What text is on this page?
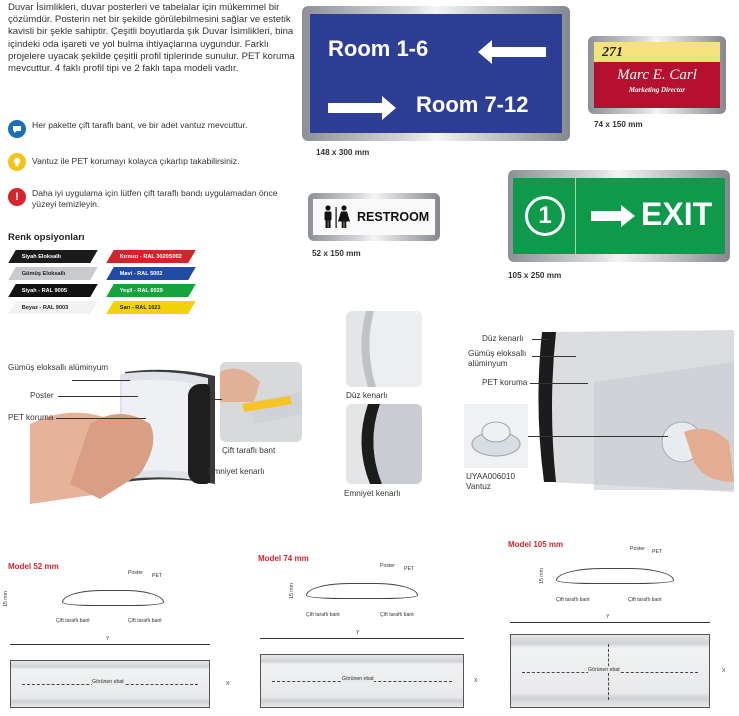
Duvar İsimlikleri, duvar posterleri ve tabelalar için mükemmel bir çözümdür. Posterin net bir şekilde görülebilmesini sağlar ve estetik kavisli bir şekle sahiptir. Çeşitli boyutlarda şık Duvar İsimlikleri, bina içindeki oda işareti ve yol bulma ihtiyaçlarına uygundur. Farklı projelere uyacak şekilde çeşitli profil tiplerinde sunulur. PET koruma mevcuttur. 4 faklı profil tipi ve 2 faklı tapa modeli vadır.
Her pakette çift taraflı bant, ve bir adet vantuz mevcuttur.
Vantuz ile PET korumayı kolayca çıkartıp takabilirsiniz.
!	Daha iyi uygulama için lütfen çift taraflı bandı uygulamadan önce yüzeyi temizleyin.
Renk opsiyonları
Siyah Eloksallı
Gümüş Eloksallı
Siyah - RAL 9005
Beyaz - RAL 9003
Kırmızı - RAL 3020S002
Mavi - RAL 5002
Yeşil - RAL 6029
Sarı - RAL 1021
Room 1-6
Room 7-12
148 x 300 mm
271
Marc E. Carl
Marketing Director
74 x 150 mm
RESTROOM
52 x 150 mm
1	EXIT
105 x 250 mm
Gümüş eloksallı alüminyum
Poster
PET koruma
Çift taraflı bant
Emniyet kenarlı
Düz kenarlı
Emniyet kenarlı
Düz kenarlı
Gümüş eloksallı alüminyum
PET koruma
UYAA006010
Vantuz
Model 52 mm
15 mm
Poster PET
Çift taraflı bant	Çift taraflı bant
Y
Görünen ebat	X
Model 74 mm
15 mm
Poster PET
Çift taraflı bant	Çift taraflı bant
Y
Görünen ebat	X
Model 105 mm
15 mm
Poster PET
Çift taraflı bant	Çift taraflı bant
Y
Görünen ebat	X
